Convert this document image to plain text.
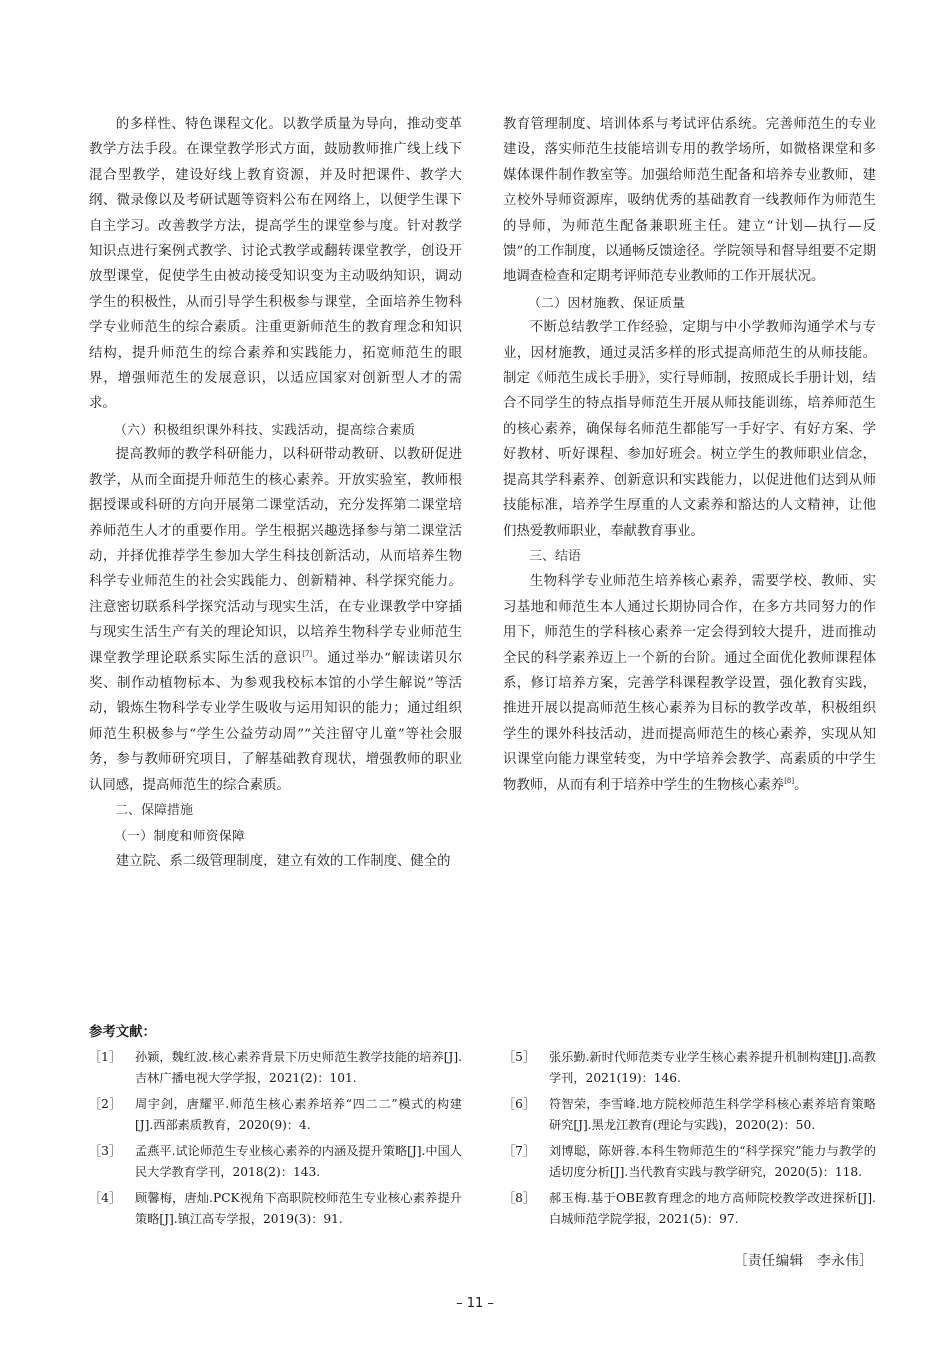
的多样性、特色课程文化。以教学质量为导向，推动变革教学方法手段。在课堂教学形式方面，鼓励教师推广线上线下混合型教学，建设好线上教育资源，并及时把课件、教学大纲、微录像以及考研试题等资料公布在网络上，以便学生课下自主学习。改善教学方法，提高学生的课堂参与度。针对教学知识点进行案例式教学、讨论式教学或翻转课堂教学，创设开放型课堂，促使学生由被动接受知识变为主动吸纳知识，调动学生的积极性，从而引导学生积极参与课堂，全面培养生物科学专业师范生的综合素质。注重更新师范生的教育理念和知识结构，提升师范生的综合素养和实践能力，拓宽师范生的眼界，增强师范生的发展意识，以适应国家对创新型人才的需求。

（六）积极组织课外科技、实践活动，提高综合素质

提高教师的教学科研能力，以科研带动教研、以教研促进教学，从而全面提升师范生的核心素养。开放实验室，教师根据授课或科研的方向开展第二课堂活动，充分发挥第二课堂培养师范生人才的重要作用。学生根据兴趣选择参与第二课堂活动，并择优推荐学生参加大学生科技创新活动，从而培养生物科学专业师范生的社会实践能力、创新精神、科学探究能力。注意密切联系科学探究活动与现实生活，在专业课教学中穿插与现实生活生产有关的理论知识，以培养生物科学专业师范生课堂教学理论联系实际生活的意识[7]。通过举办“解读诺贝尔奖、制作动植物标本、为参观我校标本馆的小学生解说”等活动，锻炼生物科学专业学生吸收与运用知识的能力；通过组织师范生积极参与“学生公益劳动周”“关注留守儿童”等社会服务，参与教师研究项目，了解基础教育现状，增强教师的职业认同感，提高师范生的综合素质。

二、保障措施

（一）制度和师资保障

建立院、系二级管理制度，建立有效的工作制度、健全的

教育管理制度、培训体系与考试评估系统。完善师范生的专业建设，落实师范生技能培训专用的教学场所，如微格课堂和多媒体课件制作教室等。加强给师范生配备和培养专业教师，建立校外导师资源库，吸纳优秀的基础教育一线教师作为师范生的导师，为师范生配备兼职班主任。建立“计划—执行—反馈”的工作制度，以通畅反馈途径。学院领导和督导组要不定期地调查检查和定期考评师范专业教师的工作开展状况。

（二）因材施教、保证质量

不断总结教学工作经验，定期与中小学教师沟通学术与专业，因材施教，通过灵活多样的形式提高师范生的从师技能。制定《师范生成长手册》，实行导师制，按照成长手册计划，结合不同学生的特点指导师范生开展从师技能训练，培养师范生的核心素养，确保每名师范生都能写一手好字、有好方案、学好教材、听好课程、参加好班会。树立学生的教师职业信念，提高其学科素养、创新意识和实践能力，以促进他们达到从师技能标准，培养学生厚重的人文素养和豁达的人文精神，让他们热爱教师职业，奉献教育事业。

三、结语

生物科学专业师范生培养核心素养，需要学校、教师、实习基地和师范生本人通过长期协同合作，在多方共同努力的作用下，师范生的学科核心素养一定会得到较大提升，进而推动全民的科学素养迈上一个新的台阶。通过全面优化教师课程体系，修订培养方案，完善学科课程教学设置，强化教育实践，推进开展以提高师范生核心素养为目标的教学改革，积极组织学生的课外科技活动，进而提高师范生的核心素养，实现从知识课堂向能力课堂转变，为中学培养会教学、高素质的中学生物教师，从而有利于培养中学生的生物核心素养[8]。

参考文献：
［1］	孙颖，魏红波.核心素养背景下历史师范生教学技能的培养[J].吉林广播电视大学学报，2021(2)：101.
［2］	周宇剑，唐耀平.师范生核心素养培养“四二二”模式的构建[J].西部素质教育，2020(9)：4.
［3］	孟燕平.试论师范生专业核心素养的内涵及提升策略[J].中国人民大学教育学刊，2018(2)：143.
［4］	顾馨梅，唐灿.PCK视角下高职院校师范生专业核心素养提升策略[J].镇江高专学报，2019(3)：91.
［5］	张乐勤.新时代师范类专业学生核心素养提升机制构建[J].高教学刊，2021(19)：146.
［6］	符智荣，李雪峰.地方院校师范生科学学科核心素养培育策略研究[J].黑龙江教育(理论与实践)，2020(2)：50.
［7］	刘博聪，陈妍蓉.本科生物师范生的“科学探究”能力与教学的适切度分析[J].当代教育实践与教学研究，2020(5)：118.
［8］	郝玉梅.基于OBE教育理念的地方高师院校教学改进探析[J].白城师范学院学报，2021(5)：97.
［责任编辑　李永伟］
– 11 –
